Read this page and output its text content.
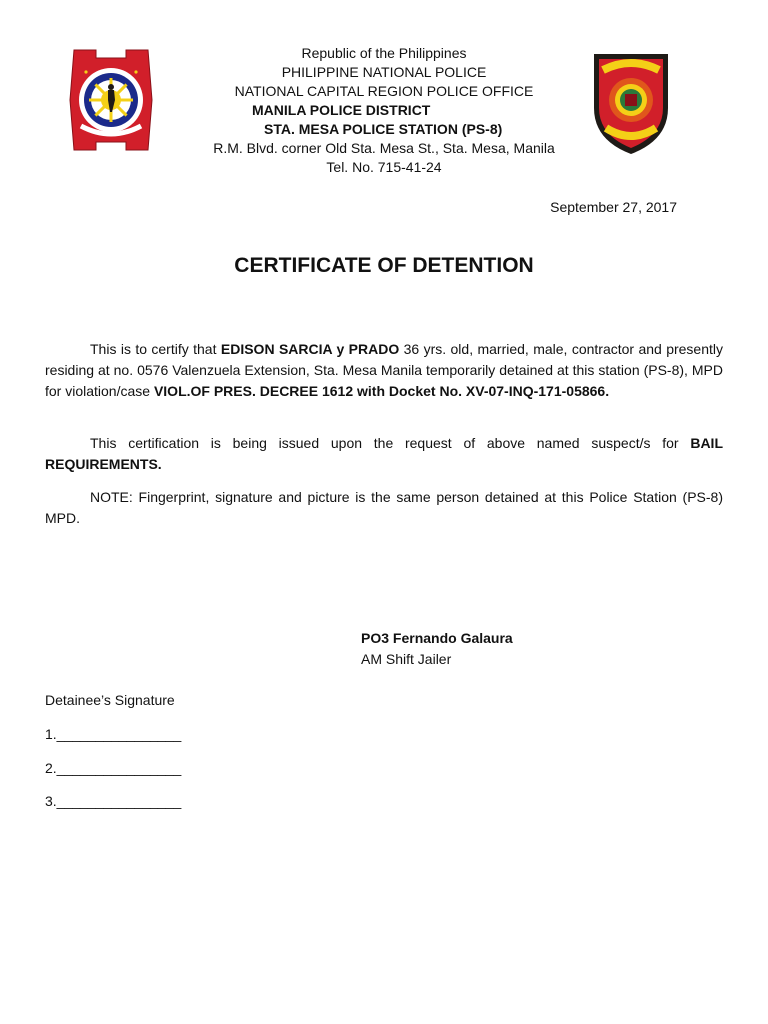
Republic of the Philippines
PHILIPPINE NATIONAL POLICE
NATIONAL CAPITAL REGION POLICE OFFICE
MANILA POLICE DISTRICT
STA. MESA POLICE STATION (PS-8)
R.M. Blvd. corner Old Sta. Mesa St., Sta. Mesa, Manila
Tel. No. 715-41-24
September 27, 2017
CERTIFICATE OF DETENTION
This is to certify that EDISON SARCIA y PRADO 36 yrs. old, married, male, contractor and presently residing at no. 0576 Valenzuela Extension, Sta. Mesa Manila temporarily detained at this station (PS-8), MPD for violation/case VIOL.OF PRES. DECREE 1612 with Docket No. XV-07-INQ-171-05866.
This certification is being issued upon the request of above named suspect/s for BAIL REQUIREMENTS.
NOTE: Fingerprint, signature and picture is the same person detained at this Police Station (PS-8) MPD.
PO3 Fernando Galaura
AM Shift Jailer
Detainee’s Signature
1.________________
2.________________
3.________________
